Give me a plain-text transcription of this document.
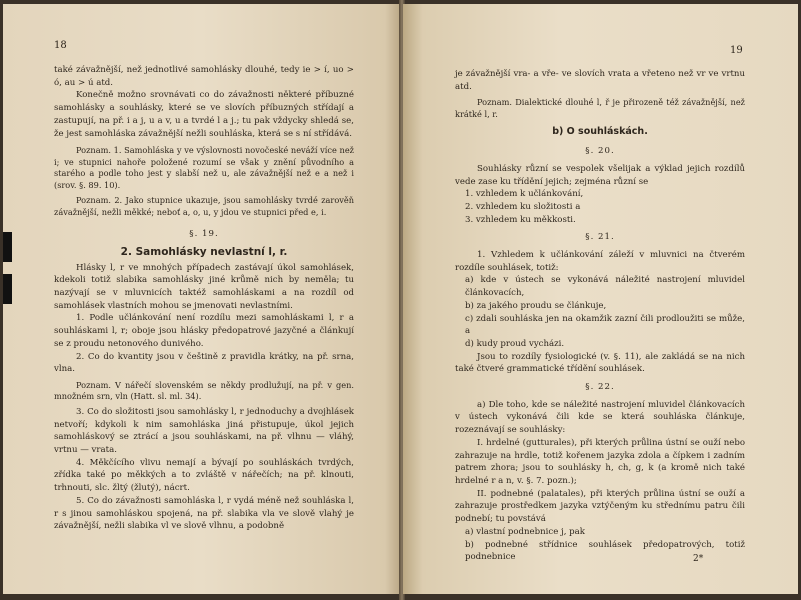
18

také závažnější, než jednotlivé samohlásky dlouhé, tedy ie > í, uo > ó, au > ú atd.

Konečně možno srovnávati co do závažnosti některé příbuzné samohlásky a souhlásky, které se ve slovích příbuzných střídají a zastupují, na př. i a j, u a v, u a tvrdé l a j.; tu pak vždycky shledá se, že jest samohláska závažnější nežli souhláska, která se s ní střídává.

Poznam. 1. Samohláska y ve výslovnosti novočeské neváží více než i; ve stupnici nahoře položené rozumí se však y znění původního a starého a podle toho jest y slabší než u, ale závažnější než e a než i (srov. §. 89. 10).

Poznam. 2. Jako stupnice ukazuje, jsou samohlásky tvrdé zarověň závažnější, nežli měkké; neboť a, o, u, y jdou ve stupnici před e, i.

§. 19.

2. Samohlásky nevlastní l, r.

Hlásky l, r ve mnohých případech zastávají úkol samohlásek, kdekoli totiž slabika samohlásky jiné krůmě nich by neměla; tu nazývají se v mluvnicích taktéž samohláskami a na rozdíl od samohlásek vlastních mohou se jmenovati nevlastními.

1. Podle učlánkování není rozdílu mezi samohláskami l, r a souhláskami l, r; oboje jsou hlásky předopatrové jazyčné a článkují se z proudu netonového dunivého.

2. Co do kvantity jsou v češtině z pravidla krátky, na př. srna, vlna.

Poznam. V nářečí slovenském se někdy prodlužují, na př. v gen. množném srn, vln (Hatt. sl. ml. 34).

3. Co do složitosti jsou samohlásky l, r jednoduchy a dvojhlásek netvoří; kdykoli k nim samohláska jiná přistupuje, úkol jejich samohláskový se ztrácí a jsou souhláskami, na př. vlhnu — vláhý, vrtnu — vrata.

4. Měkčícího vlivu nemají a bývají po souhláskách tvrdých, zřídka také po měkkých a to zvláště v nářečích; na př. klnouti, trhnouti, slc. žltý (žlutý), nácrt.

5. Co do závažnosti samohláska l, r vydá méně než souhláska l, r s jinou samohláskou spojená, na př. slabika vla ve slově vlahý je závažnější, nežli slabika vl ve slově vlhnu, a podobně

19

je závažnější vra- a vře- ve slovích vrata a vřeteno než vr ve vrtnu atd.

Poznam. Dialektické dlouhé l, ř je přirozeně též závažnější, než krátké l, r.

b) O souhláskách.

§. 20.

Souhlásky různí se vespolek všelijak a výklad jejich rozdílů vede zase ku třídění jejich; zejména různí se

1. vzhledem k učlánkování,

2. vzhledem ku složitosti a

3. vzhledem ku měkkosti.

§. 21.

1. Vzhledem k učlánkování záleží v mluvnici na čtverém rozdíle souhlásek, totiž:

a) kde v ústech se vykonává náležité nastrojení mluvidel článkovacích,

b) za jakého proudu se článkuje,

c) zdali souhláska jen na okamžik zazní čili prodloužiti se může, a

d) kudy proud vycházi.

Jsou to rozdíly fysiologické (v. §. 11), ale zakládá se na nich také čtveré grammatické třídění souhlásek.

§. 22.

a) Dle toho, kde se náležité nastrojení mluvidel článkovacích v ústech vykonává čili kde se která souhláska článkuje, rozeznávají se souhlásky:

I. hrdelné (gutturales), při kterých průlina ústní se ouží nebo zahrazuje na hrdle, totiž kořenem jazyka zdola a čípkem i zadním patrem zhora; jsou to souhlásky h, ch, g, k (a kromě nich také hrdelné r a n, v. §. 7. pozn.);

II. podnebné (palatales), při kterých průlina ústní se ouží a zahrazuje prostředkem jazyka vztýčeným ku střednímu patru čili podnebí; tu povstává

a) vlastní podnebnice j, pak

b) podnebné střídnice souhlásek předopatrových, totiž podnebnice	2*
